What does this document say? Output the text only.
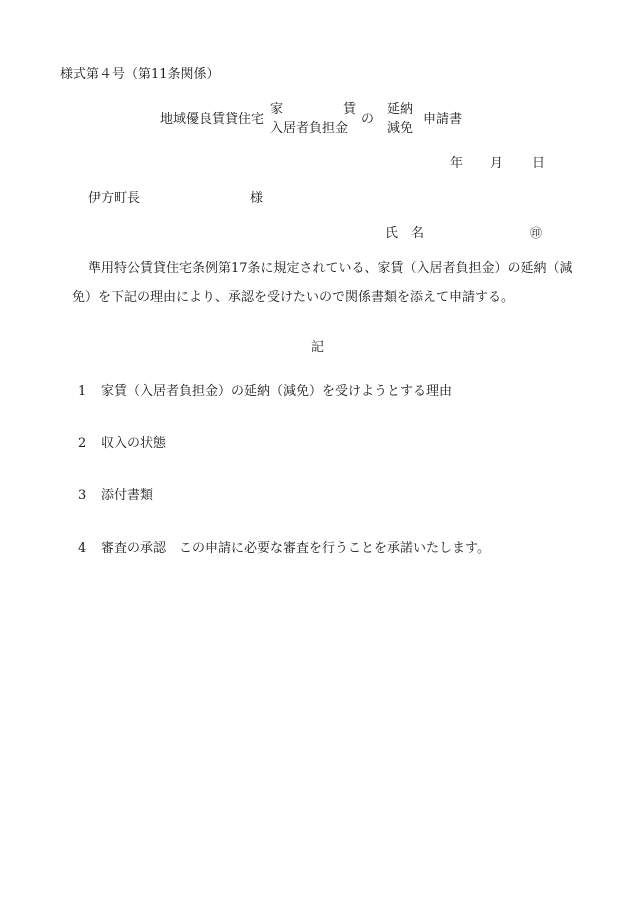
様式第４号（第11条関係）
地域優良賃貸住宅
家	賃
入居者負担金
の
延納
減免
申請書
年 月 日
伊方町長	様
氏　名	㊞
準用特公賃貸住宅条例第17条に規定されている、家賃（入居者負担金）の延納（減
免）を下記の理由により、承認を受けたいので関係書類を添えて申請する。
記
1 家賃（入居者負担金）の延納（減免）を受けようとする理由
2 収入の状態
3 添付書類
4 審査の承認　この申請に必要な審査を行うことを承諾いたします。
